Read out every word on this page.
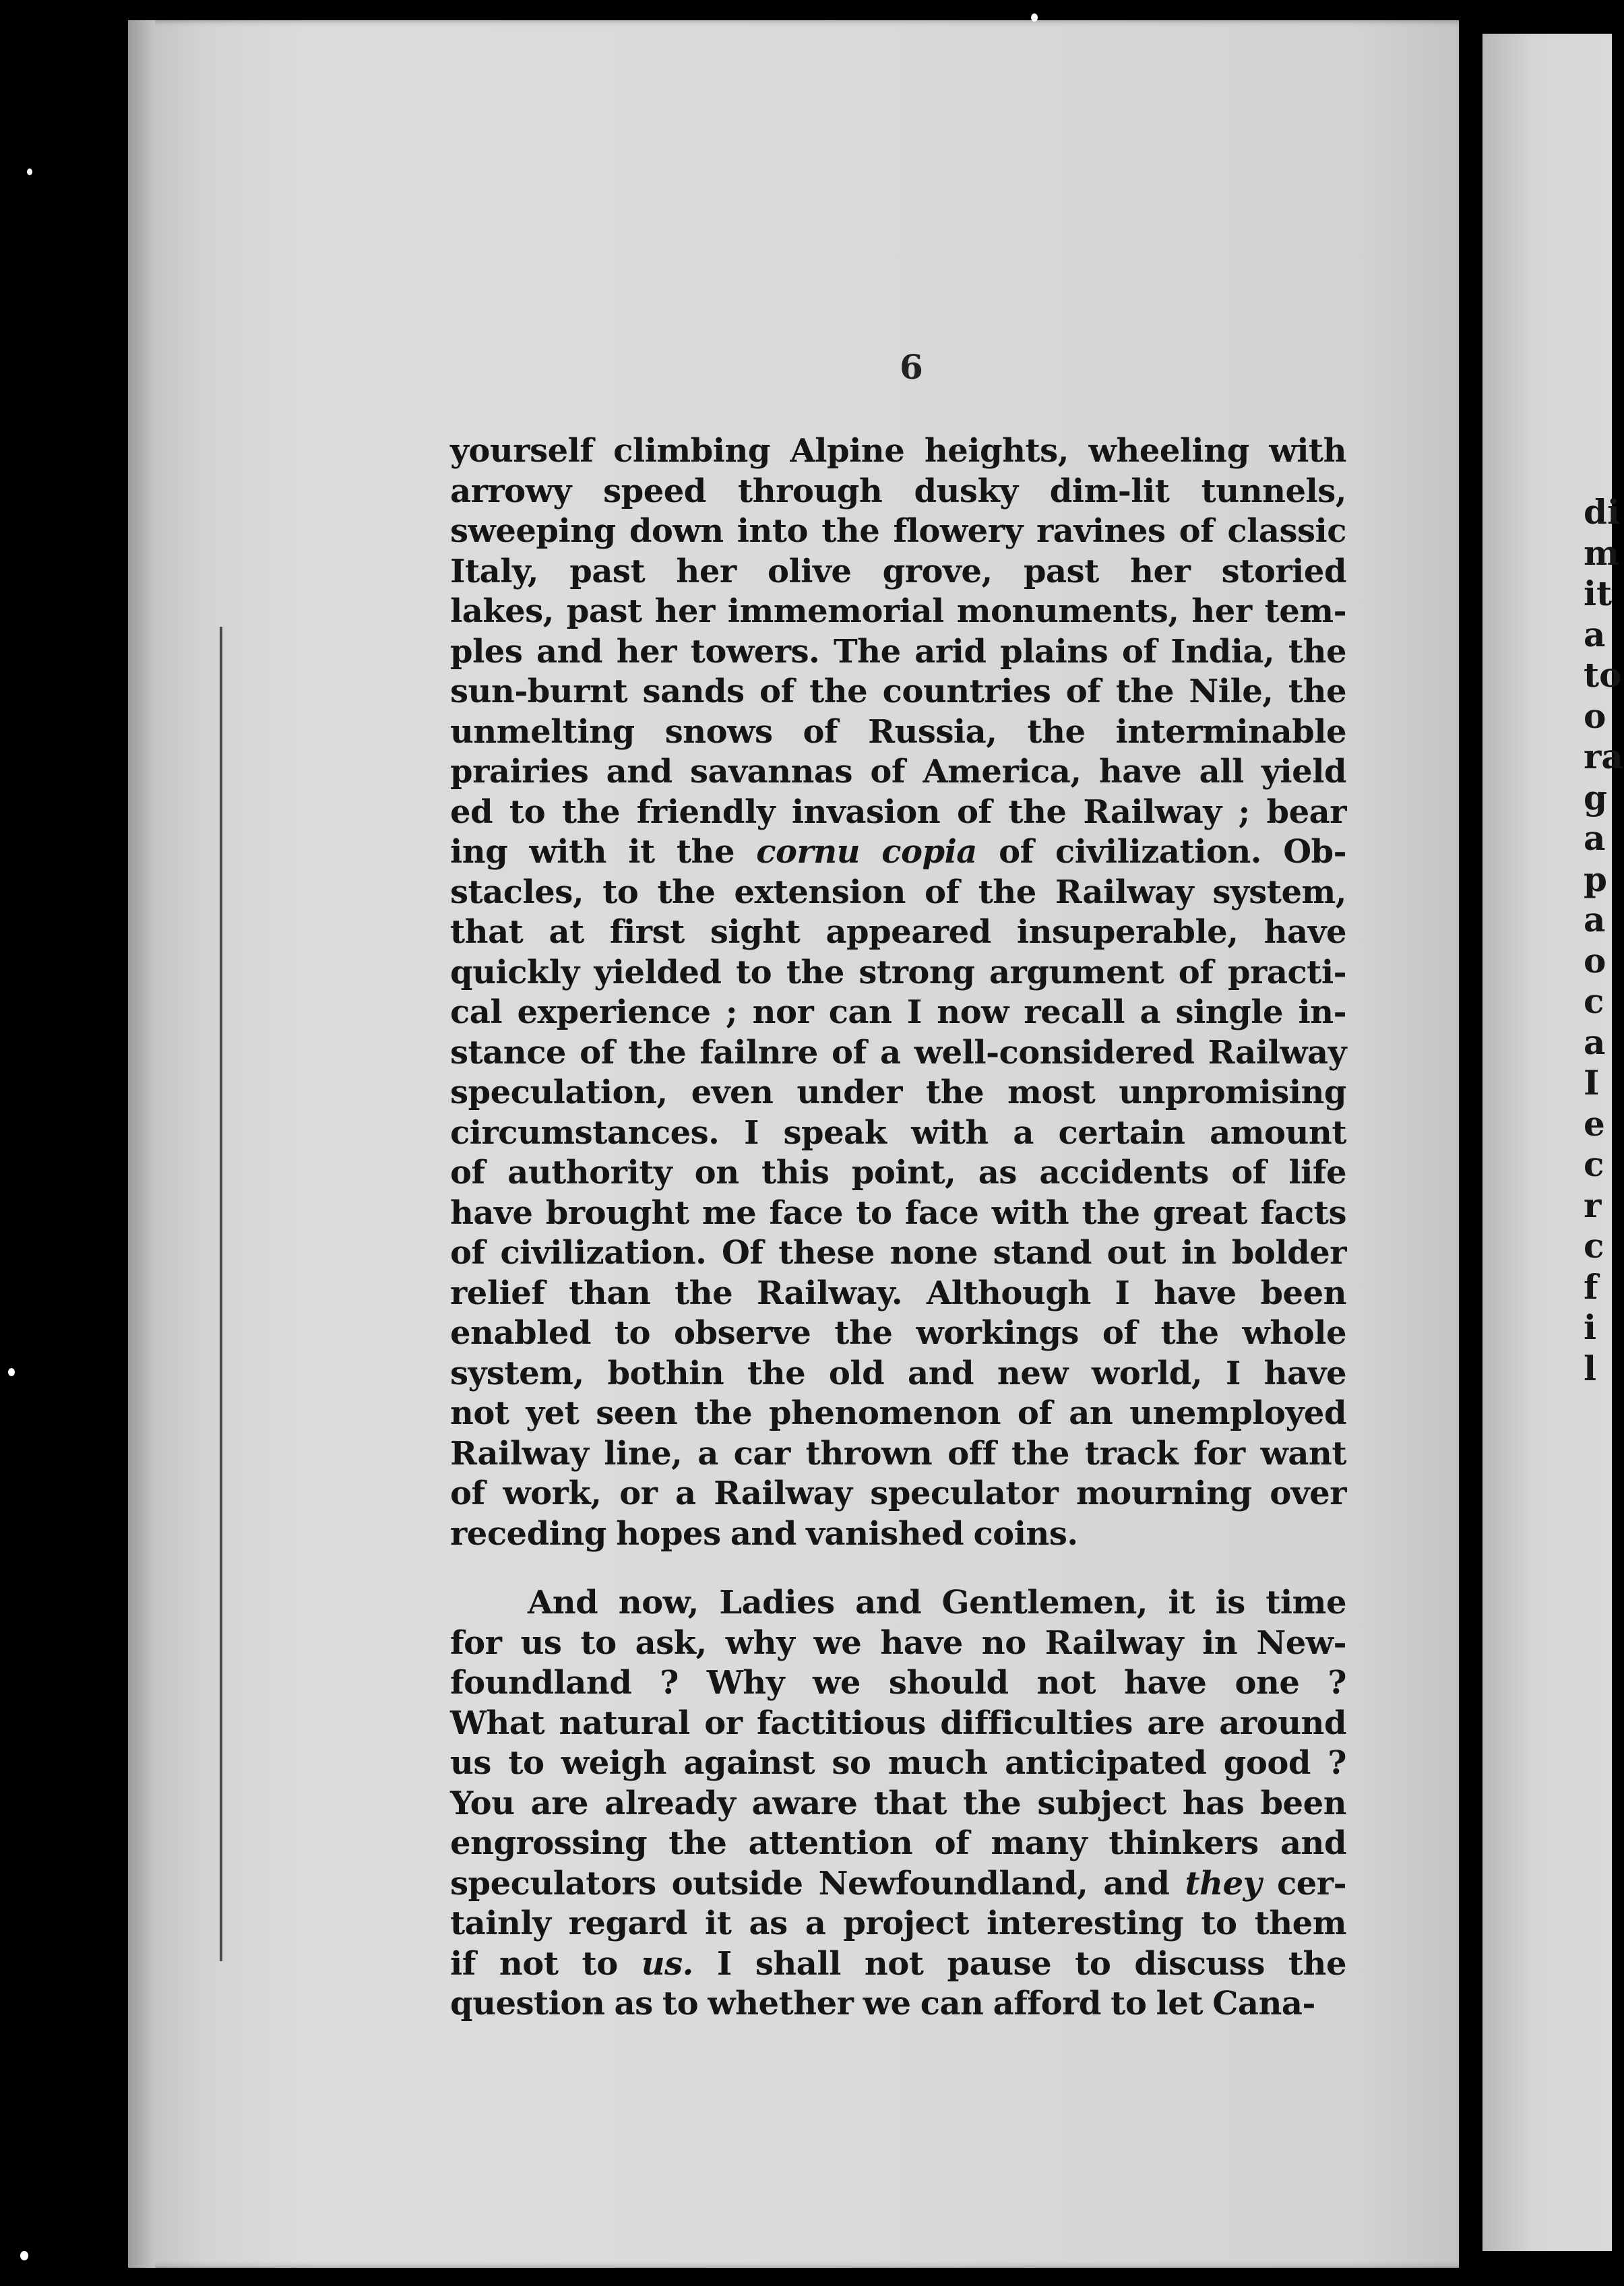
di
m
it
a
to
o
ra
g
a
p
a
o
c
a
I
e
c
r
c
f
i
l
6
yourself climbing Alpine heights, wheeling with
arrowy speed through dusky dim-lit tunnels,
sweeping down into the flowery ravines of classic
Italy, past her olive grove, past her storied
lakes, past her immemorial monuments, her tem-
ples and her towers. The arid plains of India, the
sun-burnt sands of the countries of the Nile, the
unmelting snows of Russia, the interminable
prairies and savannas of America, have all yield
ed to the friendly invasion of the Railway ; bear
ing with it the cornu copia of civilization. Ob-
stacles, to the extension of the Railway system,
that at first sight appeared insuperable, have
quickly yielded to the strong argument of practi-
cal experience ; nor can I now recall a single in-
stance of the failnre of a well-considered Railway
speculation, even under the most unpromising
circumstances. I speak with a certain amount
of authority on this point, as accidents of life
have brought me face to face with the great facts
of civilization. Of these none stand out in bolder
relief than the Railway. Although I have been
enabled to observe the workings of the whole
system, bothin the old and new world, I have
not yet seen the phenomenon of an unemployed
Railway line, a car thrown off the track for want
of work, or a Railway speculator mourning over
receding hopes and vanished coins.
And now, Ladies and Gentlemen, it is time
for us to ask, why we have no Railway in New-
foundland ? Why we should not have one ?
What natural or factitious difficulties are around
us to weigh against so much anticipated good ?
You are already aware that the subject has been
engrossing the attention of many thinkers and
speculators outside Newfoundland, and they cer-
tainly regard it as a project interesting to them
if not to us. I shall not pause to discuss the
question as to whether we can afford to let Cana-
